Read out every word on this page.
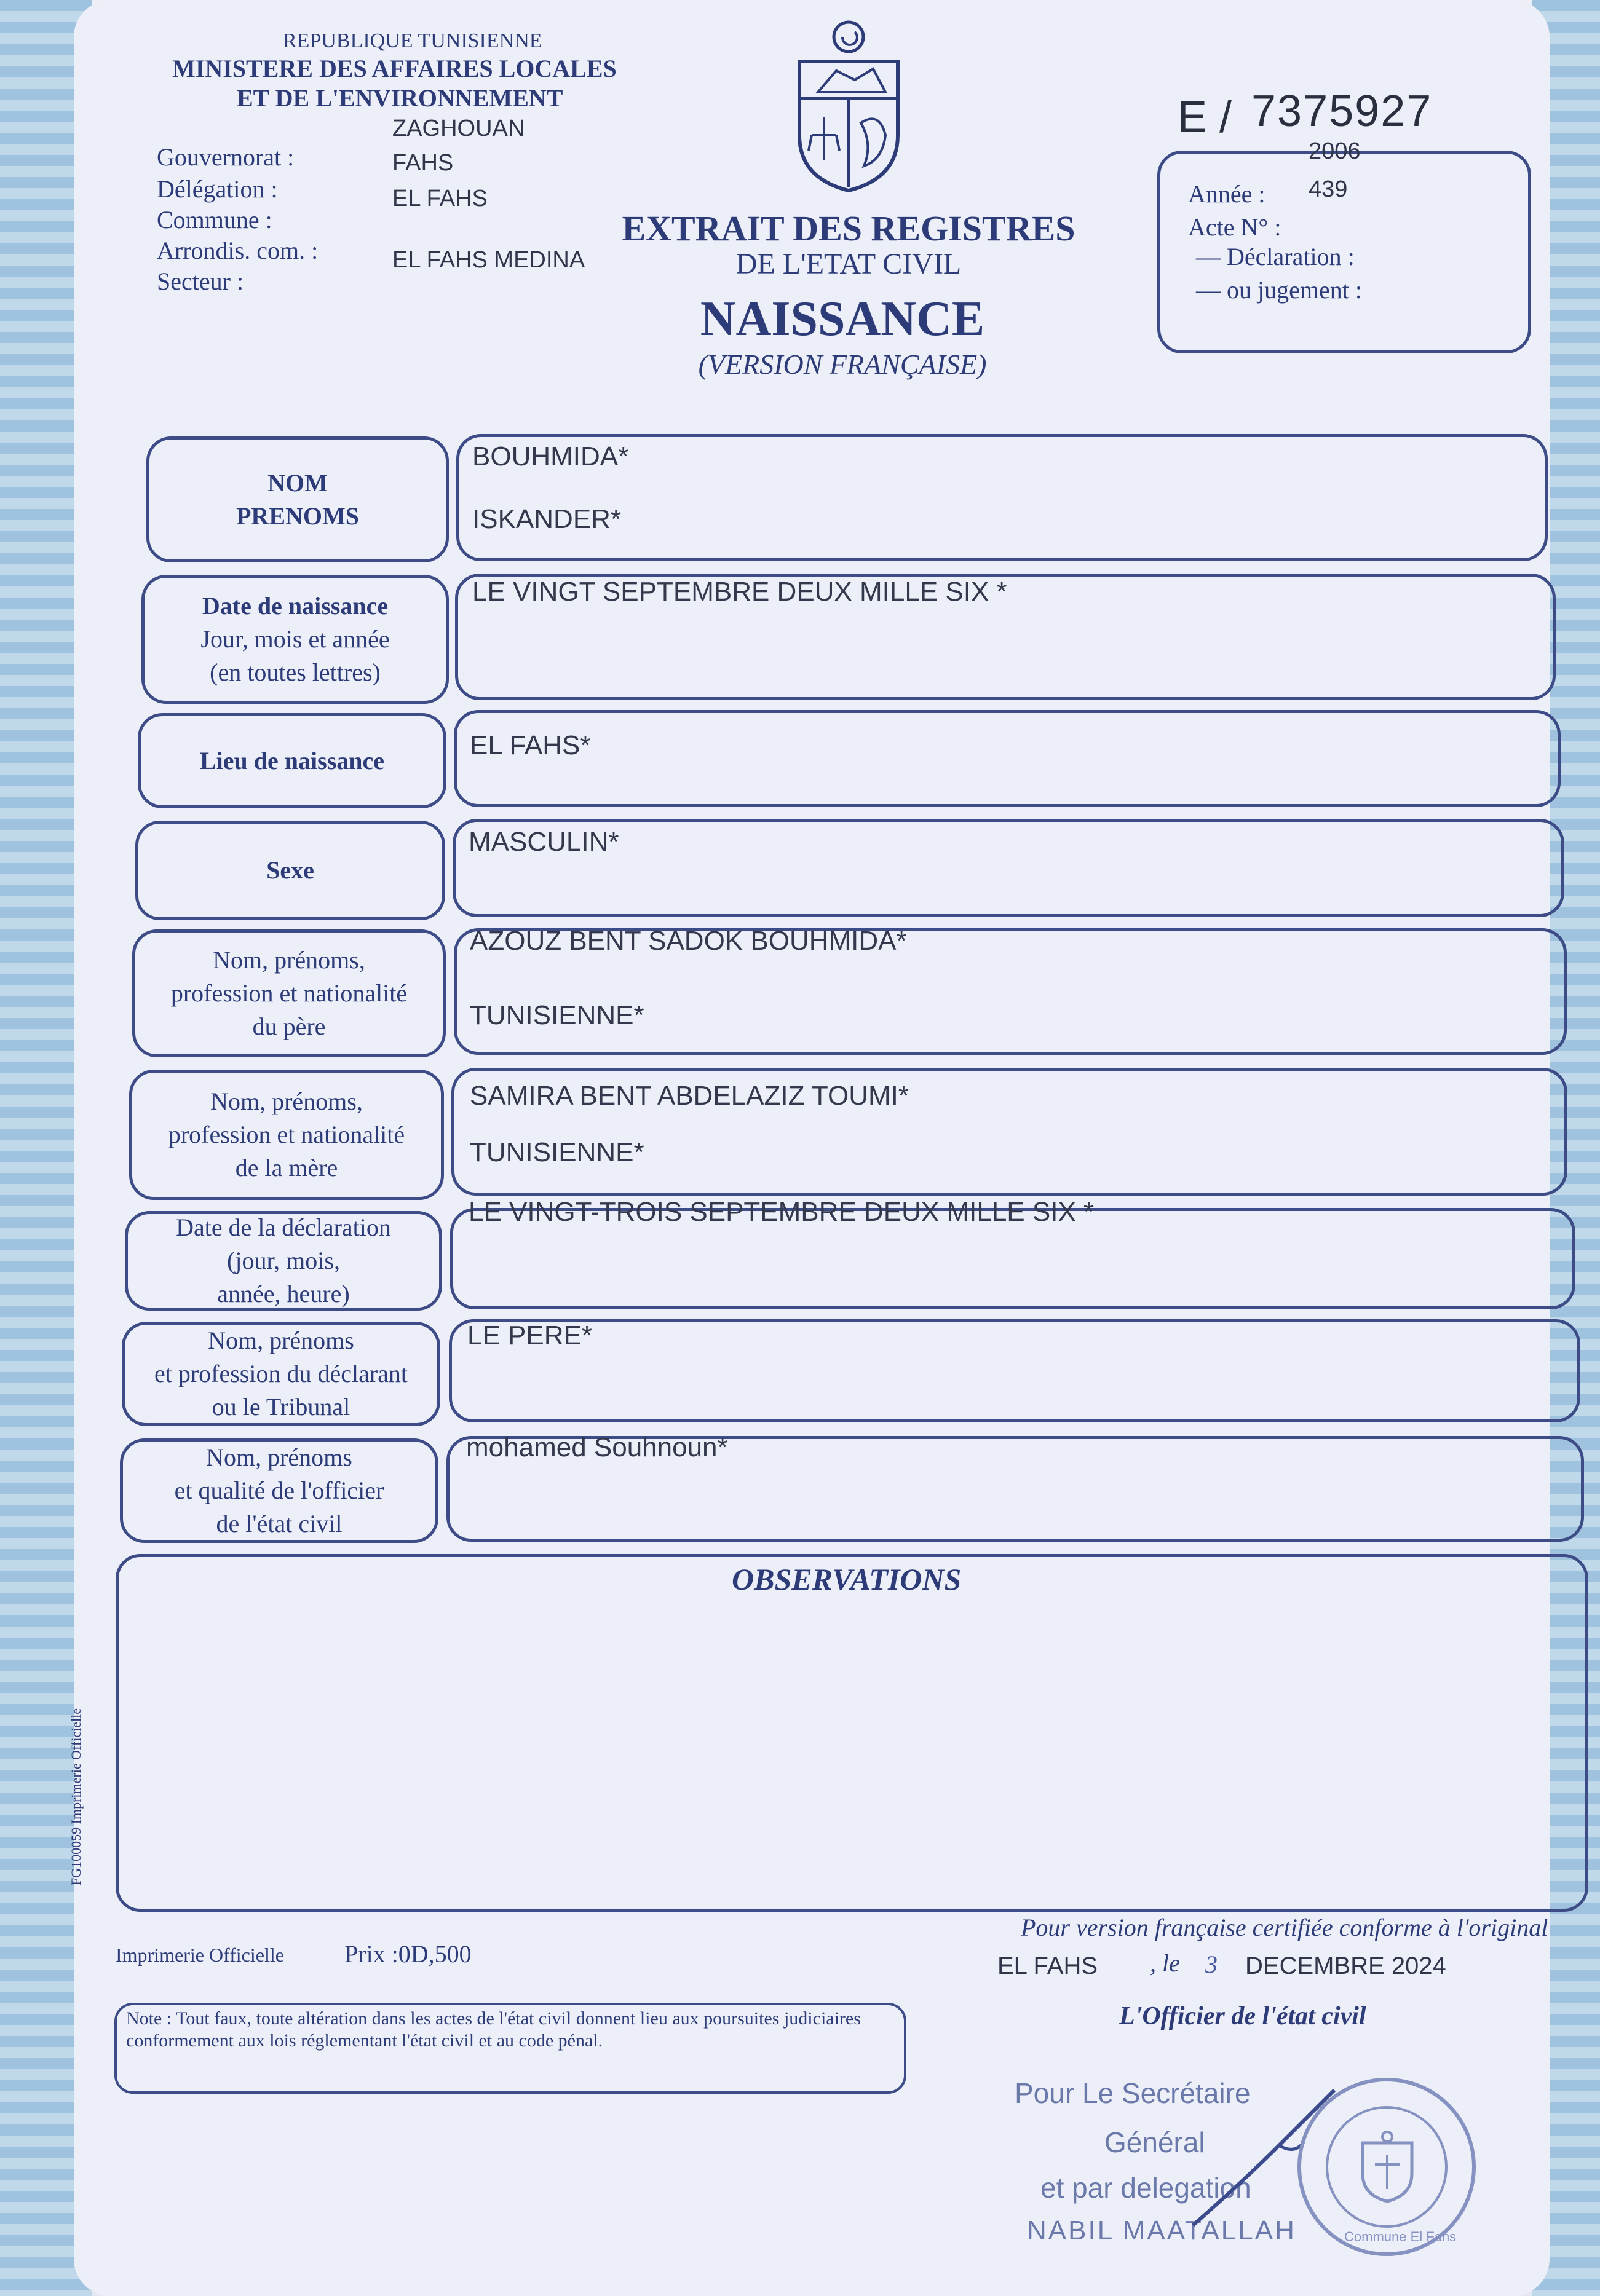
REPUBLIQUE TUNISIENNE
MINISTERE DES AFFAIRES LOCALES
ET DE L'ENVIRONNEMENT
Gouvernorat :
Délégation :
Commune :
Arrondis. com. :
Secteur :
ZAGHOUAN
FAHS
EL FAHS
EL FAHS MEDINA
EXTRAIT DES REGISTRES
DE L'ETAT CIVIL
NAISSANCE
(VERSION FRANÇAISE)
E / 7375927
2006
Année : 439
Acte N° :
— Déclaration :
— ou jugement :
NOM
PRENOMS
BOUHMIDA*
ISKANDER*
Date de naissance
Jour, mois et année
(en toutes lettres)
LE VINGT SEPTEMBRE DEUX MILLE SIX *
Lieu de naissance	EL FAHS*
Sexe
MASCULIN*
Nom, prénoms,
profession et nationalité
du père
AZOUZ BENT SADOK BOUHMIDA*
TUNISIENNE*
Nom, prénoms,
profession et nationalité
de la mère
SAMIRA BENT ABDELAZIZ TOUMI*
TUNISIENNE*
Date de la déclaration
(jour, mois,
année, heure)
LE VINGT-TROIS SEPTEMBRE DEUX MILLE SIX *
Nom, prénoms
et profession du déclarant
ou le Tribunal
LE PERE*
Nom, prénoms
et qualité de l'officier
de l'état civil
mohamed Souhnoun*
OBSERVATIONS
FG100059 Imprimerie Officielle
Imprimerie Officielle Prix :0D,500
Pour version française certifiée conforme à l'original
EL FAHS , le 3 DECEMBRE 2024
L'Officier de l'état civil
Note : Tout faux, toute altération dans les actes de l'état civil donnent lieu aux poursuites judiciaires conformement aux lois réglementant l'état civil et au code pénal.
Pour Le Secrétaire
Général
et par delegation
NABIL MAATALLAH	Commune El Fahs
